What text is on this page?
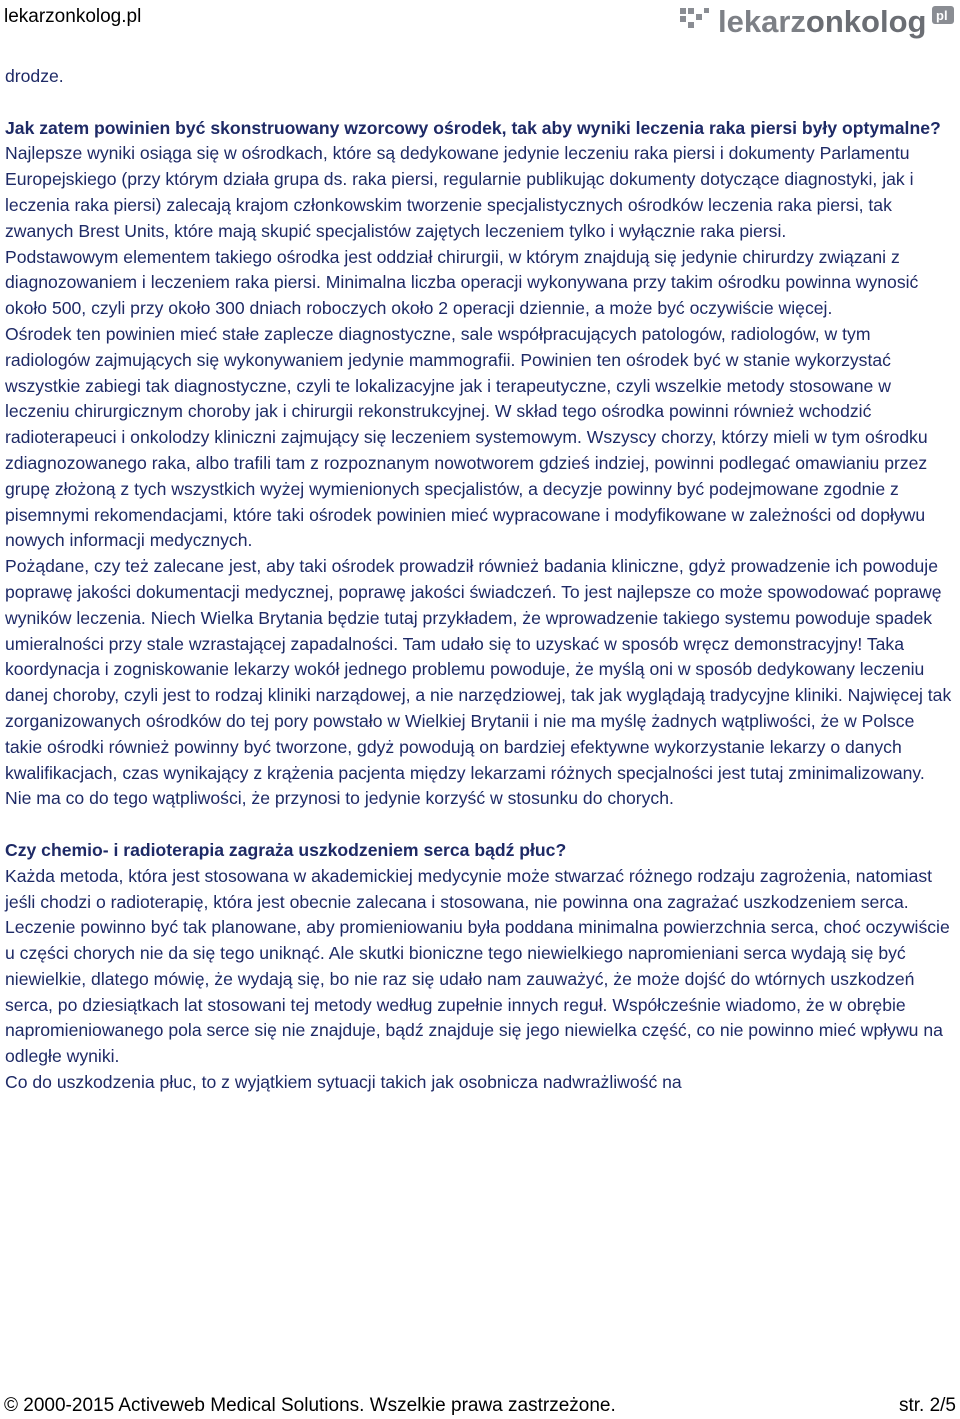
lekarzonkolog.pl	lekarzonkolog pl

drodze.

Jak zatem powinien być skonstruowany wzorcowy ośrodek, tak aby wyniki leczenia raka piersi były optymalne?

Najlepsze wyniki osiąga się w ośrodkach, które są dedykowane jedynie leczeniu raka piersi i dokumenty Parlamentu Europejskiego (przy którym działa grupa ds. raka piersi, regularnie publikując dokumenty dotyczące diagnostyki, jak i leczenia raka piersi) zalecają krajom członkowskim tworzenie specjalistycznych ośrodków leczenia raka piersi, tak zwanych Brest Units, które mają skupić specjalistów zajętych leczeniem tylko i wyłącznie raka piersi.

Podstawowym elementem takiego ośrodka jest oddział chirurgii, w którym znajdują się jedynie chirurdzy związani z diagnozowaniem i leczeniem raka piersi. Minimalna liczba operacji wykonywana przy takim ośrodku powinna wynosić około 500, czyli przy około 300 dniach roboczych około 2 operacji dziennie, a może być oczywiście więcej.

Ośrodek ten powinien mieć stałe zaplecze diagnostyczne, sale współpracujących patologów, radiologów, w tym radiologów zajmujących się wykonywaniem jedynie mammografii. Powinien ten ośrodek być w stanie wykorzystać wszystkie zabiegi tak diagnostyczne, czyli te lokalizacyjne jak i terapeutyczne, czyli wszelkie metody stosowane w leczeniu chirurgicznym choroby jak i chirurgii rekonstrukcyjnej. W skład tego ośrodka powinni również wchodzić radioterapeuci i onkolodzy kliniczni zajmujący się leczeniem systemowym. Wszyscy chorzy, którzy mieli w tym ośrodku zdiagnozowanego raka, albo trafili tam z rozpoznanym nowotworem gdzieś indziej, powinni podlegać omawianiu przez grupę złożoną z tych wszystkich wyżej wymienionych specjalistów, a decyzje powinny być podejmowane zgodnie z pisemnymi rekomendacjami, które taki ośrodek powinien mieć wypracowane i modyfikowane w zależności od dopływu nowych informacji medycznych.

Pożądane, czy też zalecane jest, aby taki ośrodek prowadził również badania kliniczne, gdyż prowadzenie ich powoduje poprawę jakości dokumentacji medycznej, poprawę jakości świadczeń. To jest najlepsze co może spowodować poprawę wyników leczenia. Niech Wielka Brytania będzie tutaj przykładem, że wprowadzenie takiego systemu powoduje spadek umieralności przy stale wzrastającej zapadalności. Tam udało się to uzyskać w sposób wręcz demonstracyjny! Taka koordynacja i zogniskowanie lekarzy wokół jednego problemu powoduje, że myślą oni w sposób dedykowany leczeniu danej choroby, czyli jest to rodzaj kliniki narządowej, a nie narzędziowej, tak jak wyglądają tradycyjne kliniki. Najwięcej tak zorganizowanych ośrodków do tej pory powstało w Wielkiej Brytanii i nie ma myślę żadnych wątpliwości, że w Polsce takie ośrodki również powinny być tworzone, gdyż powodują on bardziej efektywne wykorzystanie lekarzy o danych kwalifikacjach, czas wynikający z krążenia pacjenta między lekarzami różnych specjalności jest tutaj zminimalizowany. Nie ma co do tego wątpliwości, że przynosi to jedynie korzyść w stosunku do chorych.

Czy chemio- i radioterapia zagraża uszkodzeniem serca bądź płuc?

Każda metoda, która jest stosowana w akademickiej medycynie może stwarzać różnego rodzaju zagrożenia, natomiast jeśli chodzi o radioterapię, która jest obecnie zalecana i stosowana, nie powinna ona zagrażać uszkodzeniem serca. Leczenie powinno być tak planowane, aby promieniowaniu była poddana minimalna powierzchnia serca, choć oczywiście u części chorych nie da się tego uniknąć. Ale skutki bioniczne tego niewielkiego napromieniani serca wydają się być niewielkie, dlatego mówię, że wydają się, bo nie raz się udało nam zauważyć, że może dojść do wtórnych uszkodzeń serca, po dziesiątkach lat stosowani tej metody według zupełnie innych reguł. Współcześnie wiadomo, że w obrębie napromieniowanego pola serce się nie znajduje, bądź znajduje się jego niewielka część, co nie powinno mieć wpływu na odległe wyniki.

Co do uszkodzenia płuc, to z wyjątkiem sytuacji takich jak osobnicza nadwrażliwość na

© 2000-2015 Activeweb Medical Solutions. Wszelkie prawa zastrzeżone.	str. 2/5
